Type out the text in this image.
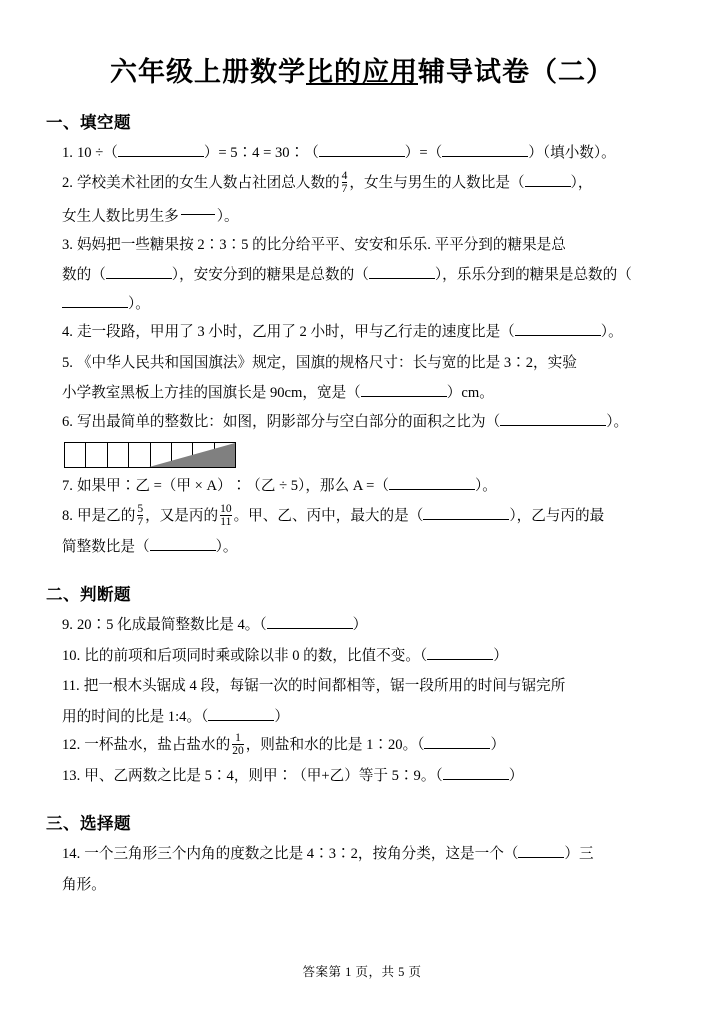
六年级上册数学比的应用辅导试卷（二）
一、填空题
1. 10 ÷（	）= 5∶4 = 30∶（	）=（	）（填小数）。
2. 学校美术社团的女生人数占社团总人数的 $\frac{4}{7}$ ，女生与男生的人数比是（	），
女生人数比男生多

	）。
3. 妈妈把一些糖果按 2∶3∶5 的比分给平平、安安和乐乐. 平平分到的糖果是总
数的（	），安安分到的糖果是总数的（	），乐乐分到的糖果是总数的（）。
4. 走一段路，甲用了 3 小时，乙用了 2 小时，甲与乙行走的速度比是（	）。
5. 《中华人民共和国国旗法》规定，国旗的规格尺寸：长与宽的比是 3∶2，实验
小学教室黑板上方挂的国旗长是 90cm，宽是（	）cm。
6. 写出最简单的整数比：如图，阴影部分与空白部分的面积之比为（	）。
7. 如果甲∶乙 =（甲 × A）∶（乙 ÷ 5），那么 A =（	）。
8. 甲是乙的 $\frac{5}{7}$ ，又是丙的 $\frac{10}{11}$ 。甲、乙、丙中，最大的是（	），乙与丙的最
简整数比是（	）。
二、判断题
9. 20∶5 化成最简整数比是 4。（	）
10. 比的前项和后项同时乘或除以非 0 的数，比值不变。（	）
11. 把一根木头锯成 4 段，每锯一次的时间都相等，锯一段所用的时间与锯完所
用的时间的比是 1:4。（	）
12. 一杯盐水，盐占盐水的 $\frac{1}{20}$ ，则盐和水的比是 1∶20。（	）
13. 甲、乙两数之比是 5∶4，则甲∶（甲+乙）等于 5∶9。（	）
三、选择题
14. 一个三角形三个内角的度数之比是 4∶3∶2，按角分类，这是一个（	）三
角形。
答案第 1 页，共 5 页
